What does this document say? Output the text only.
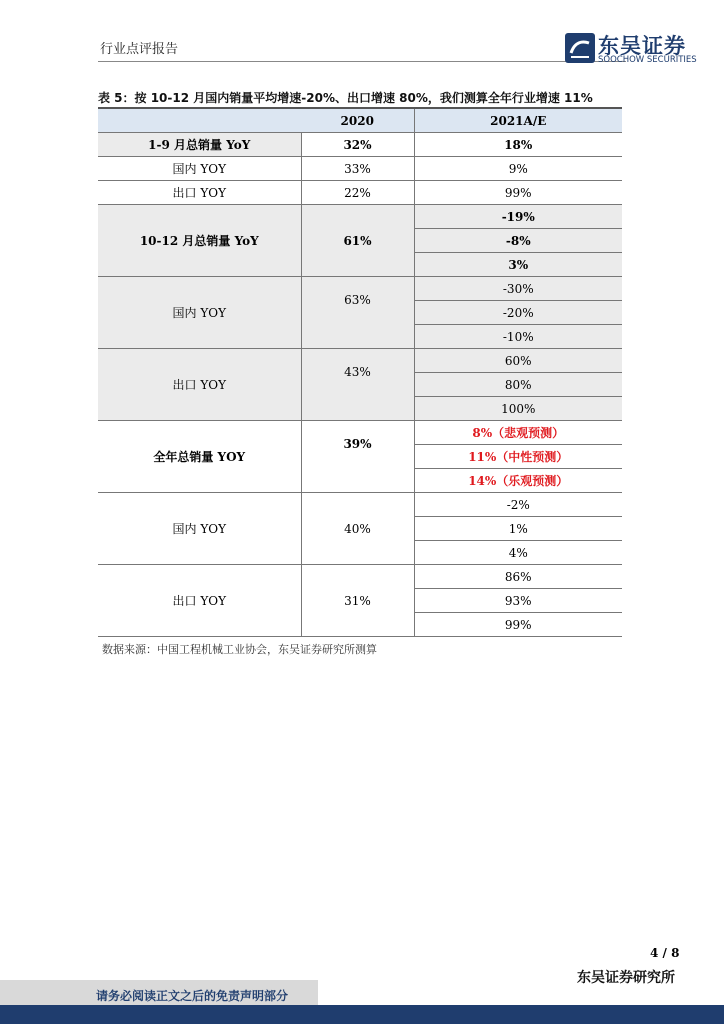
行业点评报告	东吴证券
SOOCHOW SECURITIES
表 5：按 10-12 月国内销量平均增速-20%、出口增速 80%，我们测算全年行业增速 11%
	2020	2021A/E
1-9 月总销量 YoY	32%	18%
国内 YOY	33%	9%
出口 YOY	22%	99%
10-12 月总销量 YoY	61%	-19%
		-8%
		3%
国内 YOY	63%	-30%
		-20%
		-10%
出口 YOY	43%	60%
		80%
		100%
全年总销量 YOY	39%	8%（悲观预测）
		11%（中性预测）
		14%（乐观预测）
国内 YOY	40%	-2%
		1%
		4%
出口 YOY	31%	86%
		93%
		99%
数据来源：中国工程机械工业协会，东吴证券研究所测算
4 / 8
东吴证券研究所
请务必阅读正文之后的免责声明部分
